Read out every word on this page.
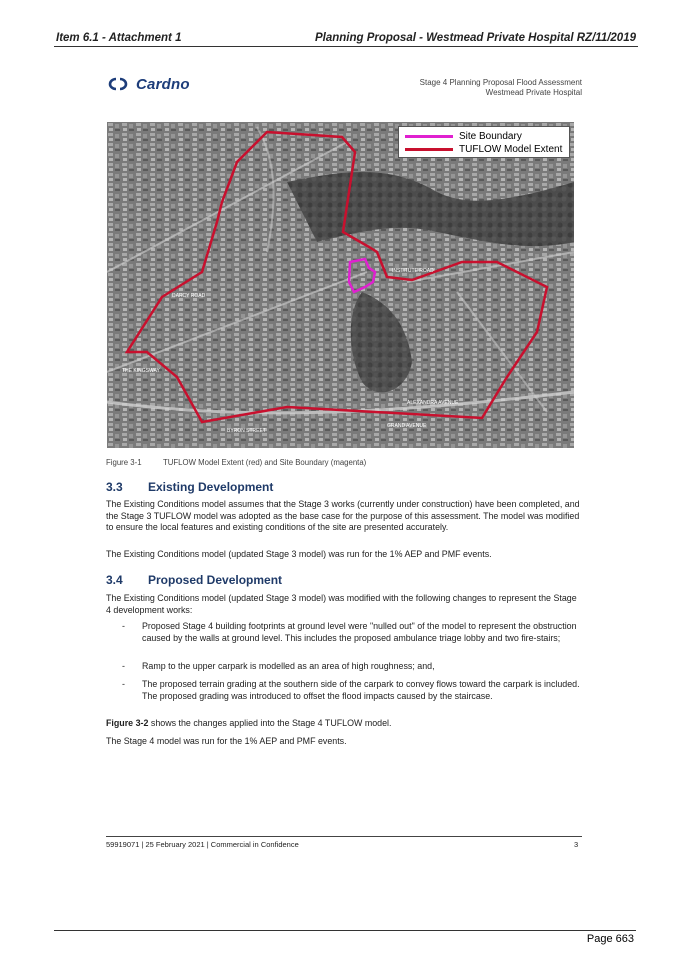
Item 6.1 - Attachment 1	Planning Proposal - Westmead Private Hospital RZ/11/2019
Cardno	Stage 4 Planning Proposal Flood Assessment
Westmead Private Hospital
INSTITUTE ROAD
ALEXANDRA AVENUE
BYRON STREET
GRAND AVENUE
THE KINGSWAY
DARCY ROAD
Site Boundary
TUFLOW Model Extent
Figure 3-1	TUFLOW Model Extent (red) and Site Boundary (magenta)
3.3 Existing Development

The Existing Conditions model assumes that the Stage 3 works (currently under construction) have been completed, and the Stage 3 TUFLOW model was adopted as the base case for the purpose of this assessment. The model was modified to ensure the local features and existing conditions of the site are presented accurately.

The Existing Conditions model (updated Stage 3 model) was run for the 1% AEP and PMF events.

3.4 Proposed Development

The Existing Conditions model (updated Stage 3 model) was modified with the following changes to represent the Stage 4 development works:

- Proposed Stage 4 building footprints at ground level were "nulled out" of the model to represent the obstruction caused by the walls at ground level. This includes the proposed ambulance triage lobby and two fire-stairs;
- Ramp to the upper carpark is modelled as an area of high roughness; and,
- The proposed terrain grading at the southern side of the carpark to convey flows toward the carpark is included. The proposed grading was introduced to offset the flood impacts caused by the staircase.

Figure 3-2 shows the changes applied into the Stage 4 TUFLOW model.

The Stage 4 model was run for the 1% AEP and PMF events.

59919071 | 25 February 2021 | Commercial in Confidence	3
Page 663
